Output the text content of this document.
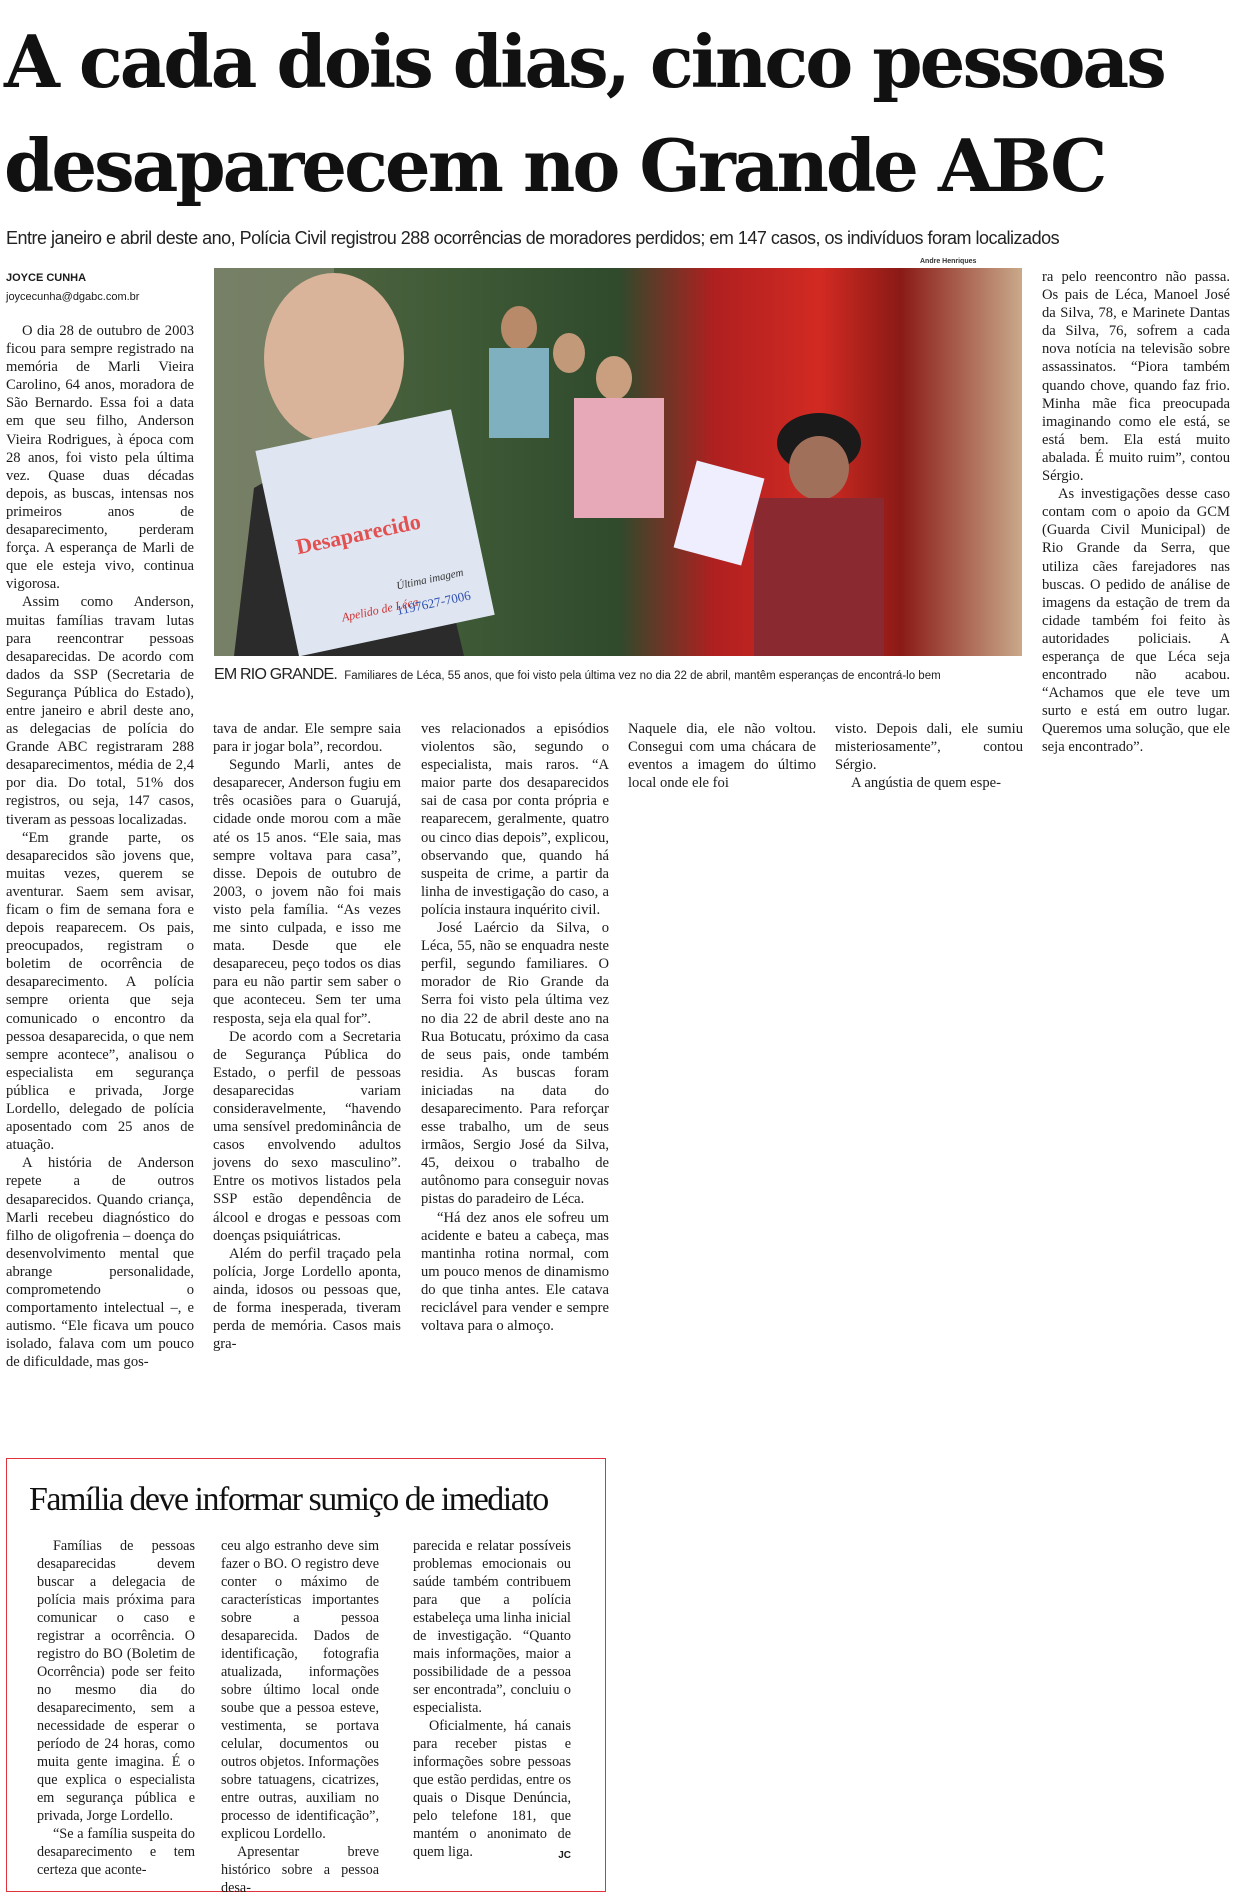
A cada dois dias, cinco pessoas
desaparecem no Grande ABC
Entre janeiro e abril deste ano, Polícia Civil registrou 288 ocorrências de moradores perdidos; em 147 casos, os indivíduos foram localizados
JOYCE CUNHA
joycecunha@dgabc.com.br

O dia 28 de outubro de 2003 ficou para sempre registrado na memória de Marli Vieira Carolino, 64 anos, moradora de São Bernardo. Essa foi a data em que seu filho, Anderson Vieira Rodrigues, à época com 28 anos, foi visto pela última vez. Quase duas décadas depois, as buscas, intensas nos primeiros anos de desaparecimento, perderam força. A esperança de Marli de que ele esteja vivo, continua vigorosa.

Assim como Anderson, muitas famílias travam lutas para reencontrar pessoas desaparecidas. De acordo com dados da SSP (Secretaria de Segurança Pública do Estado), entre janeiro e abril deste ano, as delegacias de polícia do Grande ABC registraram 288 desaparecimentos, média de 2,4 por dia. Do total, 51% dos registros, ou seja, 147 casos, tiveram as pessoas localizadas.

“Em grande parte, os desaparecidos são jovens que, muitas vezes, querem se aventurar. Saem sem avisar, ficam o fim de semana fora e depois reaparecem. Os pais, preocupados, registram o boletim de ocorrência de desaparecimento. A polícia sempre orienta que seja comunicado o encontro da pessoa desaparecida, o que nem sempre acontece”, analisou o especialista em segurança pública e privada, Jorge Lordello, delegado de polícia aposentado com 25 anos de atuação.

A história de Anderson repete a de outros desaparecidos. Quando criança, Marli recebeu diagnóstico do filho de oligofrenia – doença do desenvolvimento mental que abrange personalidade, comprometendo o comportamento intelectual –, e autismo. “Ele ficava um pouco isolado, falava com um pouco de dificuldade, mas gos-

Andre Henriques
Desaparecido
Apelido de Léca
Última imagem
1197627-7006
EM RIO GRANDE. Familiares de Léca, 55 anos, que foi visto pela última vez no dia 22 de abril, mantêm esperanças de encontrá-lo bem

tava de andar. Ele sempre saia para ir jogar bola”, recordou.

Segundo Marli, antes de desaparecer, Anderson fugiu em três ocasiões para o Guarujá, cidade onde morou com a mãe até os 15 anos. “Ele saia, mas sempre voltava para casa”, disse. Depois de outubro de 2003, o jovem não foi mais visto pela família. “As vezes me sinto culpada, e isso me mata. Desde que ele desapareceu, peço todos os dias para eu não partir sem saber o que aconteceu. Sem ter uma resposta, seja ela qual for”.

De acordo com a Secretaria de Segurança Pública do Estado, o perfil de pessoas desaparecidas variam consideravelmente, “havendo uma sensível predominância de casos envolvendo adultos jovens do sexo masculino”. Entre os motivos listados pela SSP estão dependência de álcool e drogas e pessoas com doenças psiquiátricas.

Além do perfil traçado pela polícia, Jorge Lordello aponta, ainda, idosos ou pessoas que, de forma inesperada, tiveram perda de memória. Casos mais gra-

ves relacionados a episódios violentos são, segundo o especialista, mais raros. “A maior parte dos desaparecidos sai de casa por conta própria e reaparecem, geralmente, quatro ou cinco dias depois”, explicou, observando que, quando há suspeita de crime, a partir da linha de investigação do caso, a polícia instaura inquérito civil.

José Laércio da Silva, o Léca, 55, não se enquadra neste perfil, segundo familiares. O morador de Rio Grande da Serra foi visto pela última vez no dia 22 de abril deste ano na Rua Botucatu, próximo da casa de seus pais, onde também residia. As buscas foram iniciadas na data do desaparecimento. Para reforçar esse trabalho, um de seus irmãos, Sergio José da Silva, 45, deixou o trabalho de autônomo para conseguir novas pistas do paradeiro de Léca.

“Há dez anos ele sofreu um acidente e bateu a cabeça, mas mantinha rotina normal, com um pouco menos de dinamismo do que tinha antes. Ele catava reciclável para vender e sempre voltava para o almoço.

Naquele dia, ele não voltou. Consegui com uma chácara de eventos a imagem do último local onde ele foi

visto. Depois dali, ele sumiu misteriosamente”, contou Sérgio.

A angústia de quem espe-

ra pelo reencontro não passa. Os pais de Léca, Manoel José da Silva, 78, e Marinete Dantas da Silva, 76, sofrem a cada nova notícia na televisão sobre assassinatos. “Piora também quando chove, quando faz frio. Minha mãe fica preocupada imaginando como ele está, se está bem. Ela está muito abalada. É muito ruim”, contou Sérgio.

As investigações desse caso contam com o apoio da GCM (Guarda Civil Municipal) de Rio Grande da Serra, que utiliza cães farejadores nas buscas. O pedido de análise de imagens da estação de trem da cidade também foi feito às autoridades policiais. A esperança de que Léca seja encontrado não acabou. “Achamos que ele teve um surto e está em outro lugar. Queremos uma solução, que ele seja encontrado”.

Família deve informar sumiço de imediato

Famílias de pessoas desaparecidas devem buscar a delegacia de polícia mais próxima para comunicar o caso e registrar a ocorrência. O registro do BO (Boletim de Ocorrência) pode ser feito no mesmo dia do desaparecimento, sem a necessidade de esperar o período de 24 horas, como muita gente imagina. É o que explica o especialista em segurança pública e privada, Jorge Lordello.

“Se a família suspeita do desaparecimento e tem certeza que aconte-

ceu algo estranho deve sim fazer o BO. O registro deve conter o máximo de características importantes sobre a pessoa desaparecida. Dados de identificação, fotografia atualizada, informações sobre último local onde soube que a pessoa esteve, vestimenta, se portava celular, documentos ou outros objetos. Informações sobre tatuagens, cicatrizes, entre outras, auxiliam no processo de identificação”, explicou Lordello.

Apresentar breve histórico sobre a pessoa desa-

parecida e relatar possíveis problemas emocionais ou saúde também contribuem para que a polícia estabeleça uma linha inicial de investigação. “Quanto mais informações, maior a possibilidade de a pessoa ser encontrada”, concluiu o especialista.

Oficialmente, há canais para receber pistas e informações sobre pessoas que estão perdidas, entre os quais o Disque Denúncia, pelo telefone 181, que mantém o anonimato de quem liga.	JC
